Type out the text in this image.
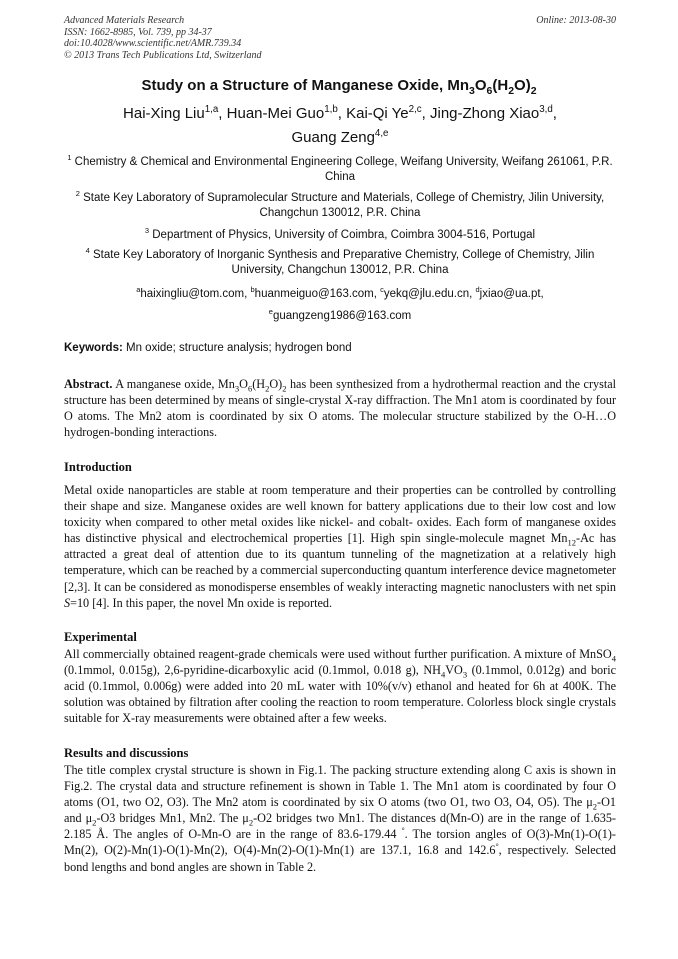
Advanced Materials Research
ISSN: 1662-8985, Vol. 739, pp 34-37
doi:10.4028/www.scientific.net/AMR.739.34
© 2013 Trans Tech Publications Ltd, Switzerland
Online: 2013-08-30
Study on a Structure of Manganese Oxide, $Mn_3O_6(H_2O)_2$
Hai-Xing Liu$^{1,a}$, Huan-Mei Guo$^{1,b}$, Kai-Qi Ye$^{2,c}$, Jing-Zhong Xiao$^{3,d}$,
Guang Zeng$^{4,e}$
$^1$ Chemistry & Chemical and Environmental Engineering College, Weifang University, Weifang 261061, P.R. China
$^2$ State Key Laboratory of Supramolecular Structure and Materials, College of Chemistry, Jilin University, Changchun 130012, P.R. China
$^3$ Department of Physics, University of Coimbra, Coimbra 3004-516, Portugal
$^4$ State Key Laboratory of Inorganic Synthesis and Preparative Chemistry, College of Chemistry, Jilin University, Changchun 130012, P.R. China
$^a$haixingliu@tom.com, $^b$huanmeiguo@163.com, $^c$yekq@jlu.edu.cn, $^d$jxiao@ua.pt,
$^e$guangzeng1986@163.com
Keywords: Mn oxide; structure analysis; hydrogen bond
Abstract. A manganese oxide, $Mn_3O_6(H_2O)_2$ has been synthesized from a hydrothermal reaction and the crystal structure has been determined by means of single-crystal X-ray diffraction. The Mn1 atom is coordinated by four O atoms. The Mn2 atom is coordinated by six O atoms. The molecular structure stabilized by the O-H…O hydrogen-bonding interactions.
Introduction
Metal oxide nanoparticles are stable at room temperature and their properties can be controlled by controlling their shape and size. Manganese oxides are well known for battery applications due to their low cost and low toxicity when compared to other metal oxides like nickel- and cobalt- oxides. Each form of manganese oxides has distinctive physical and electrochemical properties [1]. High spin single-molecule magnet $Mn_{12}-Ac$ has attracted a great deal of attention due to its quantum tunneling of the magnetization at a relatively high temperature, which can be reached by a commercial superconducting quantum interference device magnetometer [2,3]. It can be considered as monodisperse ensembles of weakly interacting magnetic nanoclusters with net spin S=10 [4]. In this paper, the novel Mn oxide is reported.
Experimental
All commercially obtained reagent-grade chemicals were used without further purification. A mixture of MnSO$_4$ (0.1mmol, 0.015g), 2,6-pyridine-dicarboxylic acid (0.1mmol, 0.018 g), $NH_4VO_3$ (0.1mmol, 0.012g) and boric acid (0.1mmol, 0.006g) were added into 20 mL water with 10%(v/v) ethanol and heated for 6h at 400K. The solution was obtained by filtration after cooling the reaction to room temperature. Colorless block single crystals suitable for X-ray measurements were obtained after a few weeks.
Results and discussions
The title complex crystal structure is shown in Fig.1. The packing structure extending along C axis is shown in Fig.2. The crystal data and structure refinement is shown in Table 1. The Mn1 atom is coordinated by four O atoms (O1, two O2, O3). The Mn2 atom is coordinated by six O atoms (two O1, two O3, O4, O5). The $\mu_2-O1$ and $\mu_2-O3$ bridges Mn1, Mn2. The $\mu_2-O2$ bridges two Mn1. The distances d(Mn-O) are in the range of 1.635-2.185 Å. The angles of O-Mn-O are in the range of 83.6-179.44 °. The torsion angles of O(3)-Mn(1)-O(1)-Mn(2), O(2)-Mn(1)-O(1)-Mn(2), O(4)-Mn(2)-O(1)-Mn(1) are 137.1, 16.8 and 142.6°, respectively. Selected bond lengths and bond angles are shown in Table 2.
